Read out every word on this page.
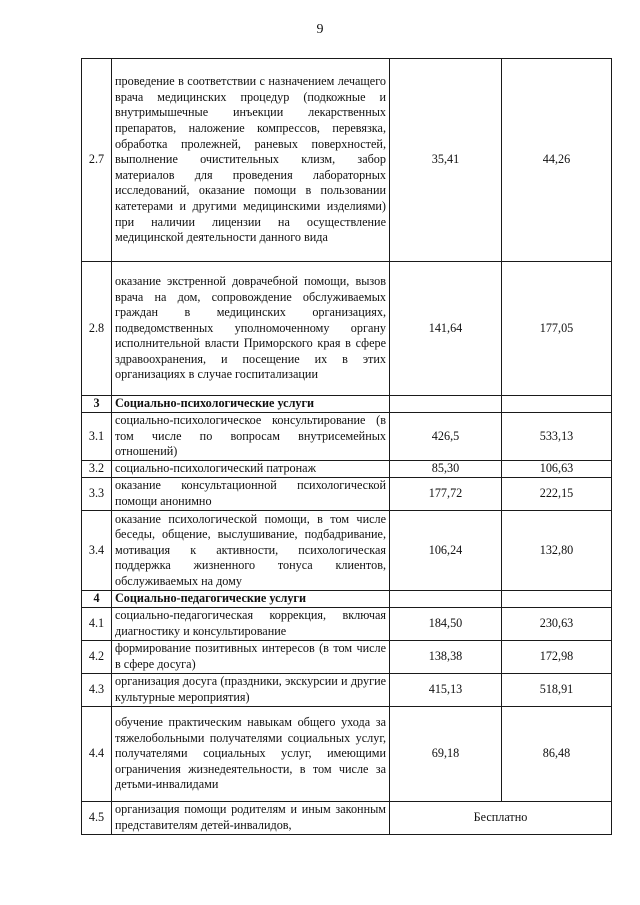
9
2.7	проведение в соответствии с назначением лечащего врача медицинских процедур (подкожные и внутримышечные инъекции лекарственных препаратов, наложение компрессов, перевязка, обработка пролежней, раневых поверхностей, выполнение очистительных клизм, забор материалов для проведения лабораторных исследований, оказание помощи в пользовании катетерами и другими медицинскими изделиями) при наличии лицензии на осуществление медицинской деятельности данного вида	35,41	44,26
2.8	оказание экстренной доврачебной помощи, вызов врача на дом, сопровождение обслуживаемых граждан в медицинских организациях, подведомственных уполномоченному органу исполнительной власти Приморского края в сфере здравоохранения, и посещение их в этих организациях в случае госпитализации	141,64	177,05
3	Социально-психологические услуги		
3.1	социально-психологическое консультирование (в том числе по вопросам внутрисемейных отношений)	426,5	533,13
3.2	социально-психологический патронаж	85,30	106,63
3.3	оказание консультационной психологической помощи анонимно	177,72	222,15
3.4	оказание психологической помощи, в том числе беседы, общение, выслушивание, подбадривание, мотивация к активности, психологическая поддержка жизненного тонуса клиентов, обслуживаемых на дому	106,24	132,80
4	Социально-педагогические услуги		
4.1	социально-педагогическая коррекция, включая диагностику и консультирование	184,50	230,63
4.2	формирование позитивных интересов (в том числе в сфере досуга)	138,38	172,98
4.3	организация досуга (праздники, экскурсии и другие культурные мероприятия)	415,13	518,91
4.4	обучение практическим навыкам общего ухода за тяжелобольными получателями социальных услуг, получателями социальных услуг, имеющими ограничения жизнедеятельности, в том числе за детьми-инвалидами	69,18	86,48
4.5	организация помощи родителям и иным законным представителям детей-инвалидов,	Бесплатно	
